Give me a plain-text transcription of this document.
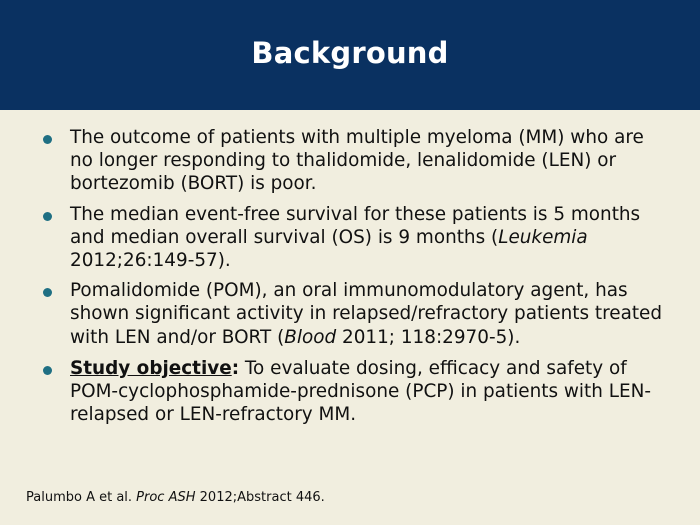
Background
The outcome of patients with multiple myeloma (MM) who are no longer responding to thalidomide, lenalidomide (LEN) or bortezomib (BORT) is poor.
The median event-free survival for these patients is 5 months and median overall survival (OS) is 9 months (Leukemia 2012;26:149-57).
Pomalidomide (POM), an oral immunomodulatory agent, has shown significant activity in relapsed/refractory patients treated with LEN and/or BORT (Blood 2011; 118:2970-5).
Study objective: To evaluate dosing, efficacy and safety of POM-cyclophosphamide-prednisone (PCP) in patients with LEN-relapsed or LEN-refractory MM.
Palumbo A et al. Proc ASH 2012;Abstract 446.
